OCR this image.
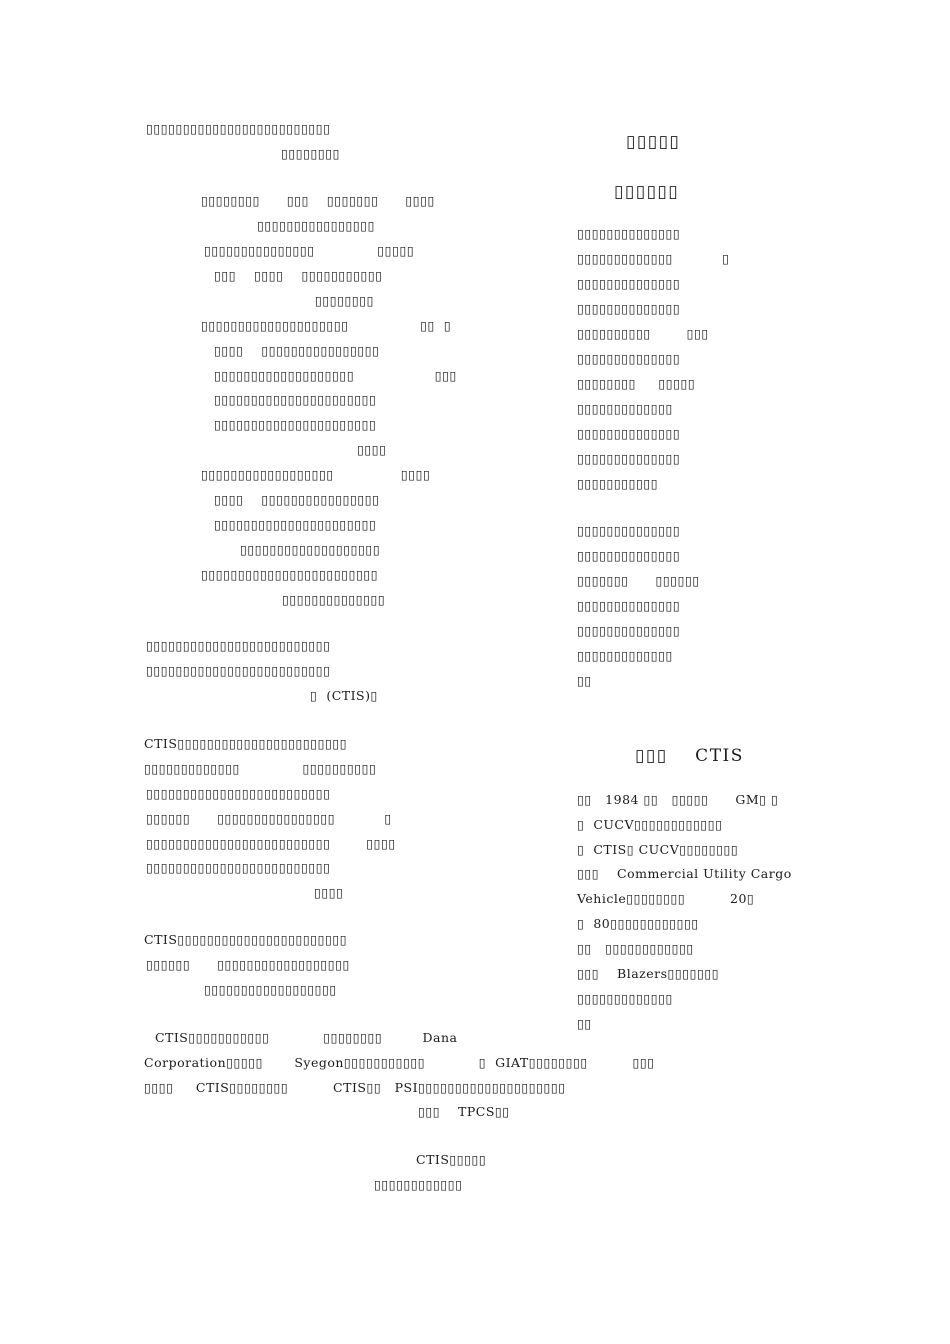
▯▯▯▯▯▯▯▯▯▯▯▯▯▯▯▯▯▯▯▯▯▯▯▯▯
▯▯▯▯▯▯▯▯
▯▯▯▯▯▯▯▯      ▯▯▯    ▯▯▯▯▯▯▯      ▯▯▯▯
▯▯▯▯▯▯▯▯▯▯▯▯▯▯▯▯
▯▯▯▯▯▯▯▯▯▯▯▯▯▯▯              ▯▯▯▯▯
▯▯▯    ▯▯▯▯    ▯▯▯▯▯▯▯▯▯▯▯
▯▯▯▯▯▯▯▯
▯▯▯▯▯▯▯▯▯▯▯▯▯▯▯▯▯▯▯▯                ▯▯  ▯
▯▯▯▯    ▯▯▯▯▯▯▯▯▯▯▯▯▯▯▯▯
▯▯▯▯▯▯▯▯▯▯▯▯▯▯▯▯▯▯▯                  ▯▯▯
▯▯▯▯▯▯▯▯▯▯▯▯▯▯▯▯▯▯▯▯▯▯
▯▯▯▯▯▯▯▯▯▯▯▯▯▯▯▯▯▯▯▯▯▯
▯▯▯▯
▯▯▯▯▯▯▯▯▯▯▯▯▯▯▯▯▯▯               ▯▯▯▯
▯▯▯▯    ▯▯▯▯▯▯▯▯▯▯▯▯▯▯▯▯
▯▯▯▯▯▯▯▯▯▯▯▯▯▯▯▯▯▯▯▯▯▯
▯▯▯▯▯▯▯▯▯▯▯▯▯▯▯▯▯▯▯
▯▯▯▯▯▯▯▯▯▯▯▯▯▯▯▯▯▯▯▯▯▯▯▯
▯▯▯▯▯▯▯▯▯▯▯▯▯▯
▯▯▯▯▯▯▯▯▯▯▯▯▯▯▯▯▯▯▯▯▯▯▯▯▯
▯▯▯▯▯▯▯▯▯▯▯▯▯▯▯▯▯▯▯▯▯▯▯▯▯
▯  (CTIS)▯
CTIS▯▯▯▯▯▯▯▯▯▯▯▯▯▯▯▯▯▯▯▯▯▯▯
▯▯▯▯▯▯▯▯▯▯▯▯▯              ▯▯▯▯▯▯▯▯▯▯
▯▯▯▯▯▯▯▯▯▯▯▯▯▯▯▯▯▯▯▯▯▯▯▯▯
▯▯▯▯▯▯      ▯▯▯▯▯▯▯▯▯▯▯▯▯▯▯▯           ▯
▯▯▯▯▯▯▯▯▯▯▯▯▯▯▯▯▯▯▯▯▯▯▯▯▯        ▯▯▯▯
▯▯▯▯▯▯▯▯▯▯▯▯▯▯▯▯▯▯▯▯▯▯▯▯▯
▯▯▯▯
CTIS▯▯▯▯▯▯▯▯▯▯▯▯▯▯▯▯▯▯▯▯▯▯▯
▯▯▯▯▯▯      ▯▯▯▯▯▯▯▯▯▯▯▯▯▯▯▯▯▯
▯▯▯▯▯▯▯▯▯▯▯▯▯▯▯▯▯▯
▯▯▯▯▯
▯▯▯▯▯▯
▯▯▯▯▯▯▯▯▯▯▯▯▯▯
▯▯▯▯▯▯▯▯▯▯▯▯▯           ▯
▯▯▯▯▯▯▯▯▯▯▯▯▯▯
▯▯▯▯▯▯▯▯▯▯▯▯▯▯
▯▯▯▯▯▯▯▯▯▯        ▯▯▯
▯▯▯▯▯▯▯▯▯▯▯▯▯▯
▯▯▯▯▯▯▯▯     ▯▯▯▯▯
▯▯▯▯▯▯▯▯▯▯▯▯▯
▯▯▯▯▯▯▯▯▯▯▯▯▯▯
▯▯▯▯▯▯▯▯▯▯▯▯▯▯
▯▯▯▯▯▯▯▯▯▯▯
▯▯▯▯▯▯▯▯▯▯▯▯▯▯
▯▯▯▯▯▯▯▯▯▯▯▯▯▯
▯▯▯▯▯▯▯      ▯▯▯▯▯▯
▯▯▯▯▯▯▯▯▯▯▯▯▯▯
▯▯▯▯▯▯▯▯▯▯▯▯▯▯
▯▯▯▯▯▯▯▯▯▯▯▯▯
▯▯
▯▯▯    CTIS
▯▯   1984 ▯▯   ▯▯▯▯▯      GM▯ ▯
▯  CUCV▯▯▯▯▯▯▯▯▯▯▯▯
▯  CTIS▯ CUCV▯▯▯▯▯▯▯▯
▯▯▯    Commercial Utility Cargo
Vehicle▯▯▯▯▯▯▯▯          20▯
▯  80▯▯▯▯▯▯▯▯▯▯▯▯
▯▯   ▯▯▯▯▯▯▯▯▯▯▯▯
▯▯▯    Blazers▯▯▯▯▯▯▯
▯▯▯▯▯▯▯▯▯▯▯▯▯
▯▯
CTIS▯▯▯▯▯▯▯▯▯▯▯            ▯▯▯▯▯▯▯▯         Dana
Corporation▯▯▯▯▯       Syegon▯▯▯▯▯▯▯▯▯▯▯            ▯  GIAT▯▯▯▯▯▯▯▯          ▯▯▯
▯▯▯▯     CTIS▯▯▯▯▯▯▯▯          CTIS▯▯   PSI▯▯▯▯▯▯▯▯▯▯▯▯▯▯▯▯▯▯▯▯
▯▯▯    TPCS▯▯
CTIS▯▯▯▯▯
▯▯▯▯▯▯▯▯▯▯▯▯
